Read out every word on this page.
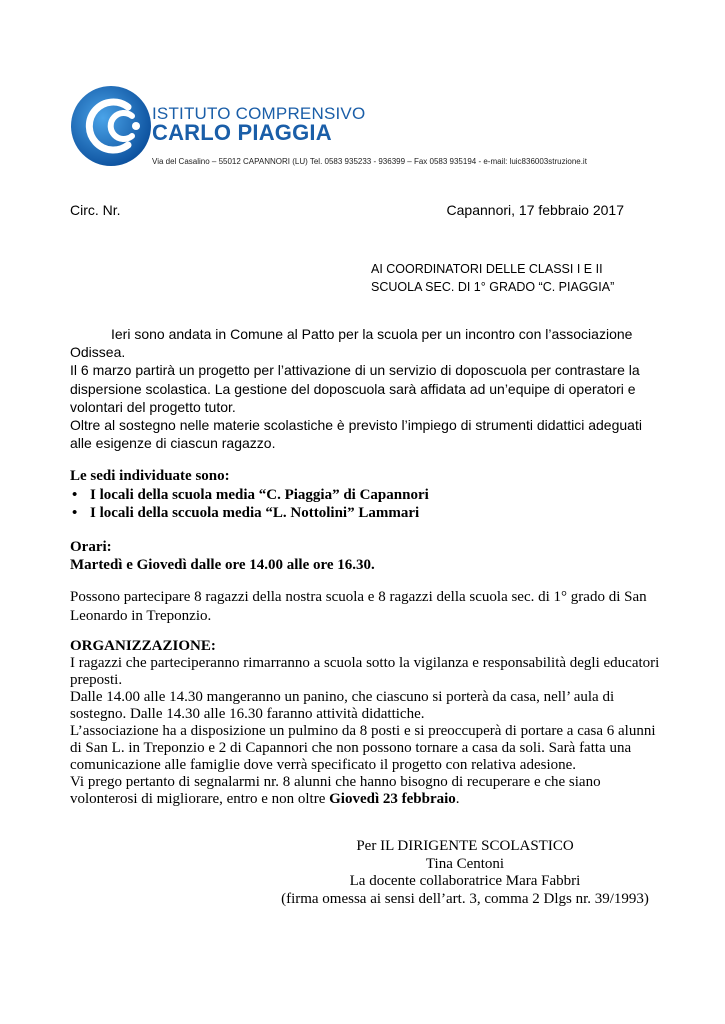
ISTITUTO COMPRENSIVO
CARLO PIAGGIA
Via del Casalino – 55012 CAPANNORI (LU) Tel. 0583 935233 - 936399 – Fax 0583 935194 - e-mail: luic836003struzione.it
Circ. Nr.	Capannori, 17 febbraio 2017
AI COORDINATORI DELLE CLASSI I E II
SCUOLA SEC. DI 1° GRADO “C. PIAGGIA”

Ieri sono andata in Comune al Patto per la scuola per un incontro con l’associazione Odissea.

Il 6 marzo partirà un progetto per l’attivazione di un servizio di doposcuola per contrastare la dispersione scolastica. La gestione del doposcuola sarà affidata ad un’equipe di operatori e volontari del progetto tutor.

Oltre al sostegno nelle materie scolastiche è previsto l’impiego di strumenti didattici adeguati alle esigenze di ciascun ragazzo.

Le sedi individuate sono:
• I locali della scuola media “C. Piaggia” di Capannori
• I locali della sccuola media “L. Nottolini” Lammari
Orari:
Martedì e Giovedì dalle ore 14.00 alle ore 16.30.
Possono partecipare 8 ragazzi della nostra scuola e 8 ragazzi della scuola sec. di 1° grado di San Leonardo in Treponzio.
ORGANIZZAZIONE:

I ragazzi che parteciperanno rimarranno a scuola sotto la vigilanza e responsabilità degli educatori preposti.

Dalle 14.00 alle 14.30 mangeranno un panino, che ciascuno si porterà da casa, nell’ aula di sostegno. Dalle 14.30 alle 16.30 faranno attività didattiche.

L’associazione ha a disposizione un pulmino da 8 posti e si preoccuperà di portare a casa 6 alunni di San L. in Treponzio e 2 di Capannori che non possono tornare a casa da soli. Sarà fatta una comunicazione alle famiglie dove verrà specificato il progetto con relativa adesione.

Vi prego pertanto di segnalarmi nr. 8 alunni che hanno bisogno di recuperare e che siano volonterosi di migliorare, entro e non oltre Giovedì 23 febbraio.

Per IL DIRIGENTE SCOLASTICO
Tina Centoni
La docente collaboratrice Mara Fabbri
(firma omessa ai sensi dell’art. 3, comma 2 Dlgs nr. 39/1993)
